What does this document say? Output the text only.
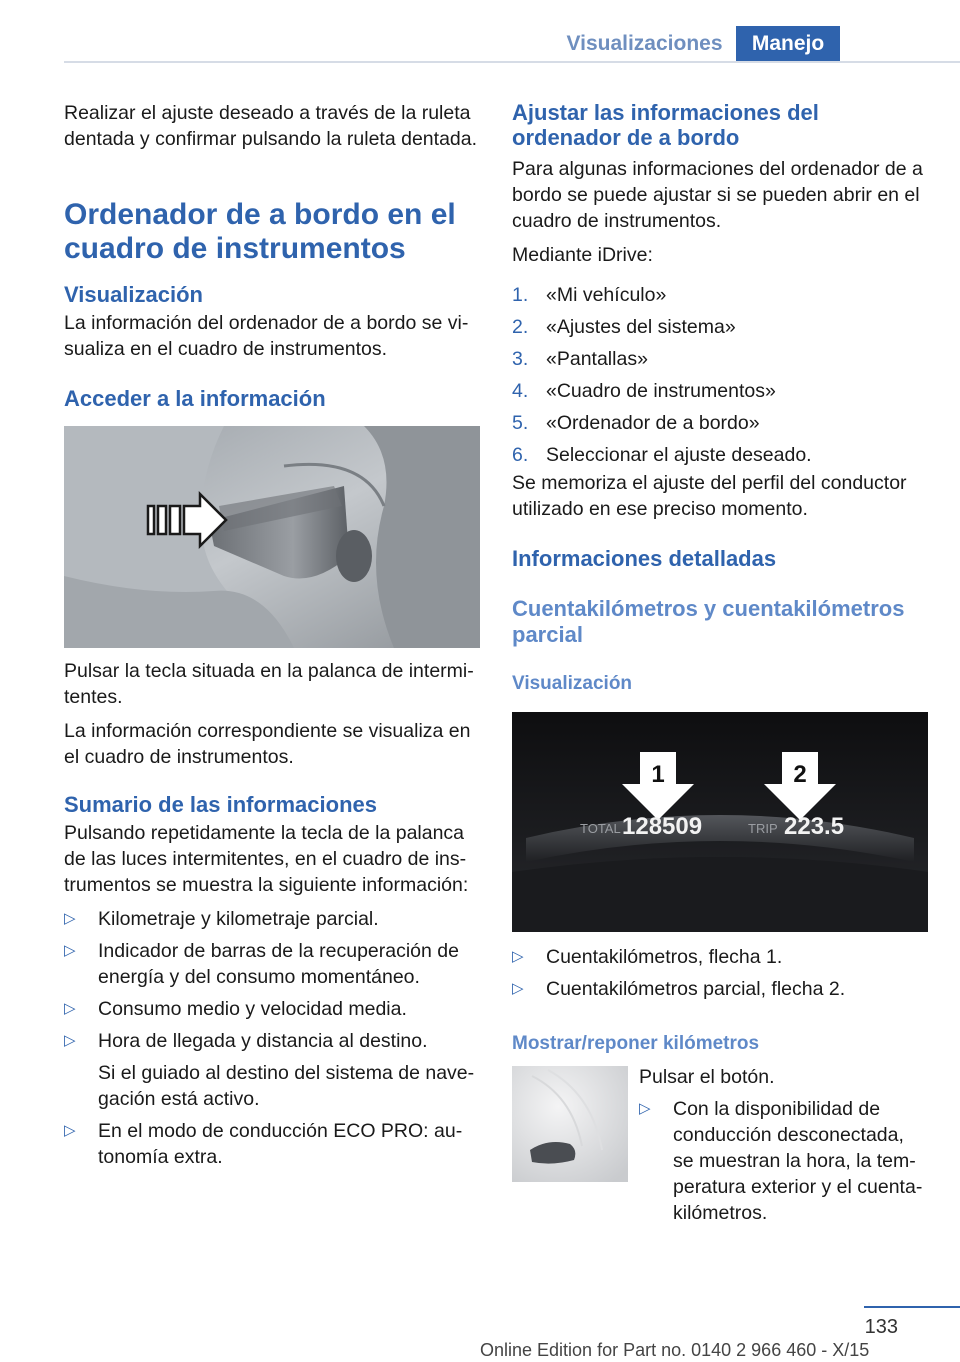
Visualizaciones	Manejo

Realizar el ajuste deseado a través de la ruleta dentada y confirmar pulsando la ruleta dentada.

Ordenador de a bordo en el cuadro de instrumentos
Visualización

La información del ordenador de a bordo se visualiza en el cuadro de instrumentos.

Acceder a la información

Pulsar la tecla situada en la palanca de intermitentes.

La información correspondiente se visualiza en el cuadro de instrumentos.

Sumario de las informaciones

Pulsando repetidamente la tecla de la palanca de las luces intermitentes, en el cuadro de instrumentos se muestra la siguiente información:

▷	Kilometraje y kilometraje parcial.
▷	Indicador de barras de la recuperación de energía y del consumo momentáneo.
▷	Consumo medio y velocidad media.
▷	Hora de llegada y distancia al destino.
Si el guiado al destino del sistema de navegación está activo.
▷	En el modo de conducción ECO PRO: autonomía extra.
Ajustar las informaciones del ordenador de a bordo

Para algunas informaciones del ordenador de a bordo se puede ajustar si se pueden abrir en el cuadro de instrumentos.

Mediante iDrive:

1. «Mi vehículo»
2. «Ajustes del sistema»
3. «Pantallas»
4. «Cuadro de instrumentos»
5. «Ordenador de a bordo»
6. Seleccionar el ajuste deseado.

Se memoriza el ajuste del perfil del conductor utilizado en ese preciso momento.

Informaciones detalladas
Cuentakilómetros y cuentakilómetros parcial
Visualización
1	2
TOTAL 128509	TRIP 223.5
▷	Cuentakilómetros, flecha 1.
▷	Cuentakilómetros parcial, flecha 2.
Mostrar/reponer kilómetros

Pulsar el botón.

▷	Con la disponibilidad de conducción desconectada, se muestran la hora, la temperatura exterior y el cuentakilómetros.
133
Online Edition for Part no. 0140 2 966 460 - X/15
